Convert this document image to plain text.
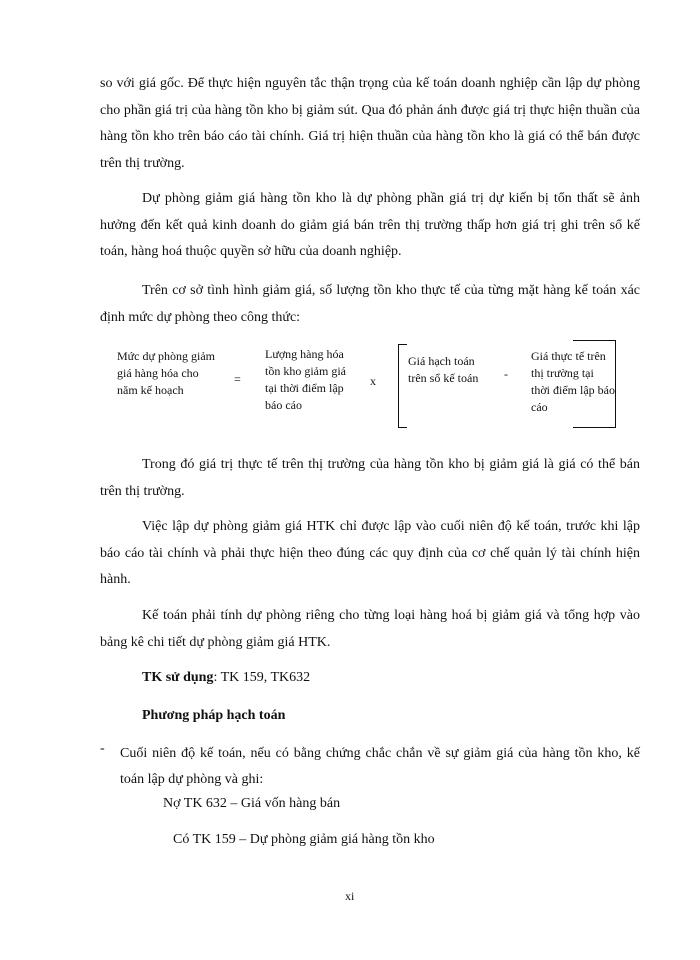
so với giá gốc. Để thực hiện nguyên tắc thận trọng của kế toán doanh nghiệp cần lập dự phòng cho phần giá trị của hàng tồn kho bị giảm sút. Qua đó phản ánh được giá trị thực hiện thuần của hàng tồn kho trên báo cáo tài chính. Giá trị hiện thuần của hàng tồn kho là giá có thể bán được trên thị trường.

Dự phòng giảm giá hàng tồn kho là dự phòng phần giá trị dự kiến bị tổn thất sẽ ảnh hưởng đến kết quả kinh doanh do giảm giá bán trên thị trường thấp hơn giá trị ghi trên sổ kế toán, hàng hoá thuộc quyền sở hữu của doanh nghiệp.

Trên cơ sở tình hình giảm giá, số lượng tồn kho thực tế của từng mặt hàng kế toán xác định mức dự phòng theo công thức:

Mức dự phòng giảm giá hàng hóa cho năm kế hoạch

=

Lượng hàng hóa tồn kho giảm giá tại thời điểm lập báo cáo

x

Giá hạch toán trên sổ kế toán -

Giá thực tế trên thị trường tại thời điểm lập báo cáo

Trong đó giá trị thực tế trên thị trường của hàng tồn kho bị giảm giá là giá có thể bán trên thị trường.

Việc lập dự phòng giảm giá HTK chỉ được lập vào cuối niên độ kế toán, trước khi lập báo cáo tài chính và phải thực hiện theo đúng các quy định của cơ chế quản lý tài chính hiện hành.

Kế toán phải tính dự phòng riêng cho từng loại hàng hoá bị giảm giá và tổng hợp vào bảng kê chi tiết dự phòng giảm giá HTK.

TK sử dụng: TK 159, TK632

Phương pháp hạch toán

- Cuối niên độ kế toán, nếu có bằng chứng chắc chắn về sự giảm giá của hàng tồn kho, kế toán lập dự phòng và ghi:

Nợ TK 632 – Giá vốn hàng bán

Có TK 159 – Dự phòng giảm giá hàng tồn kho

xi
